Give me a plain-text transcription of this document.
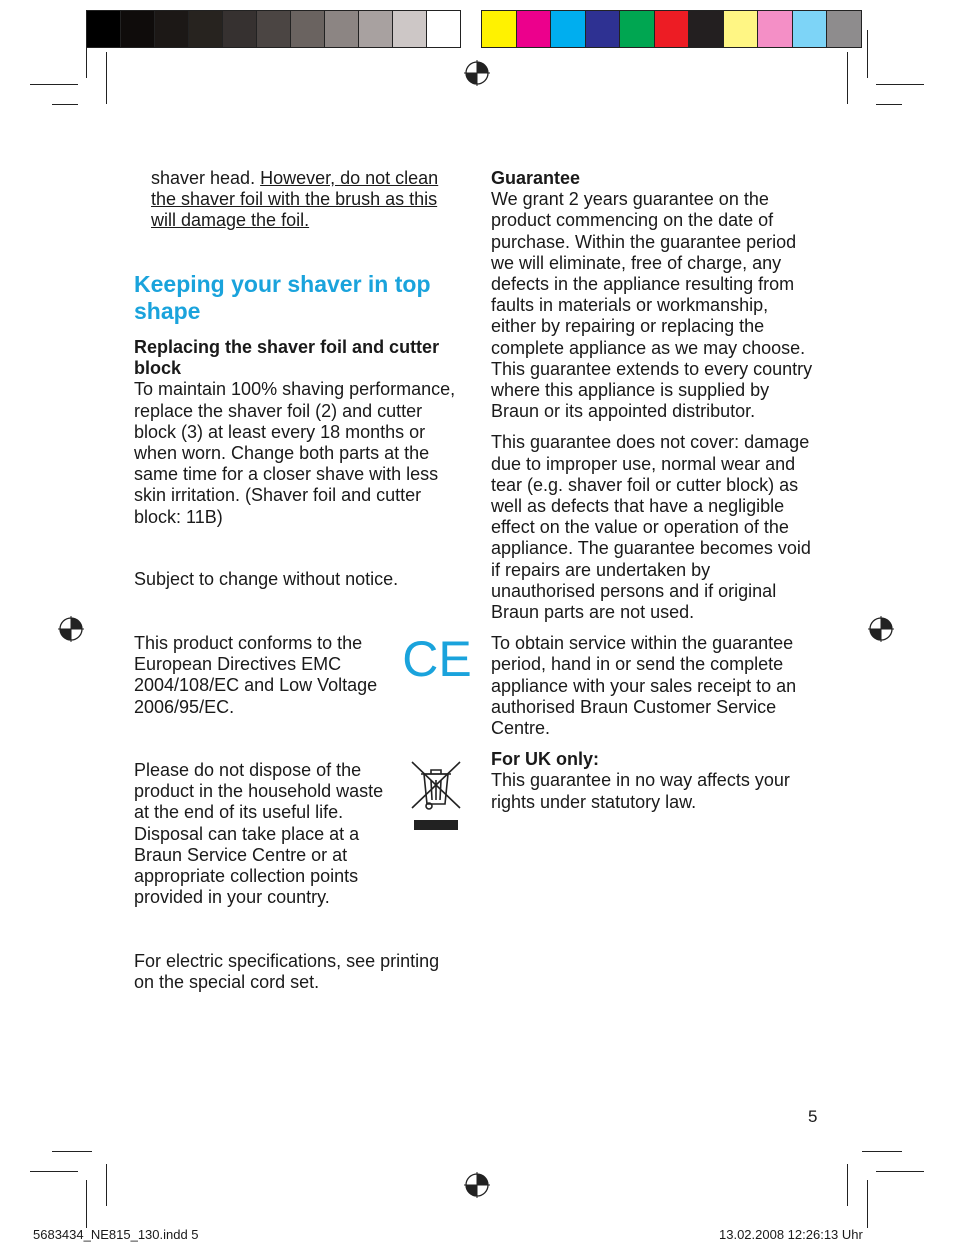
shaver head. However, do not clean the shaver foil with the brush as this will damage the foil.
Keeping your shaver in top shape

Replacing the shaver foil and cutter block

To maintain 100% shaving performance, replace the shaver foil (2) and cutter block (3) at least every 18 months or when worn. Change both parts at the same time for a closer shave with less skin irritation. (Shaver foil and cutter block: 11B)

Subject to change without notice.
This product conforms to the European Directives EMC 2004/108/EC and Low Voltage 2006/95/EC.
CE
Please do not dispose of the product in the household waste at the end of its useful life. Disposal can take place at a Braun Service Centre or at appropriate collection points provided in your country.
For electric specifications, see printing on the special cord set.

Guarantee

We grant 2 years guarantee on the product commencing on the date of purchase. Within the guarantee period we will eliminate, free of charge, any defects in the appliance resulting from faults in materials or workmanship, either by repairing or replacing the complete appliance as we may choose.

This guarantee extends to every country where this appliance is supplied by Braun or its appointed distributor.

This guarantee does not cover: damage due to improper use, normal wear and tear (e.g. shaver foil or cutter block) as well as defects that have a negligible effect on the value or operation of the appliance. The guarantee becomes void if repairs are undertaken by unauthorised persons and if original Braun parts are not used.

To obtain service within the guarantee period, hand in or send the complete appliance with your sales receipt to an authorised Braun Customer Service Centre.

For UK only:

This guarantee in no way affects your rights under statutory law.

5
5683434_NE815_130.indd 5	13.02.2008 12:26:13 Uhr
